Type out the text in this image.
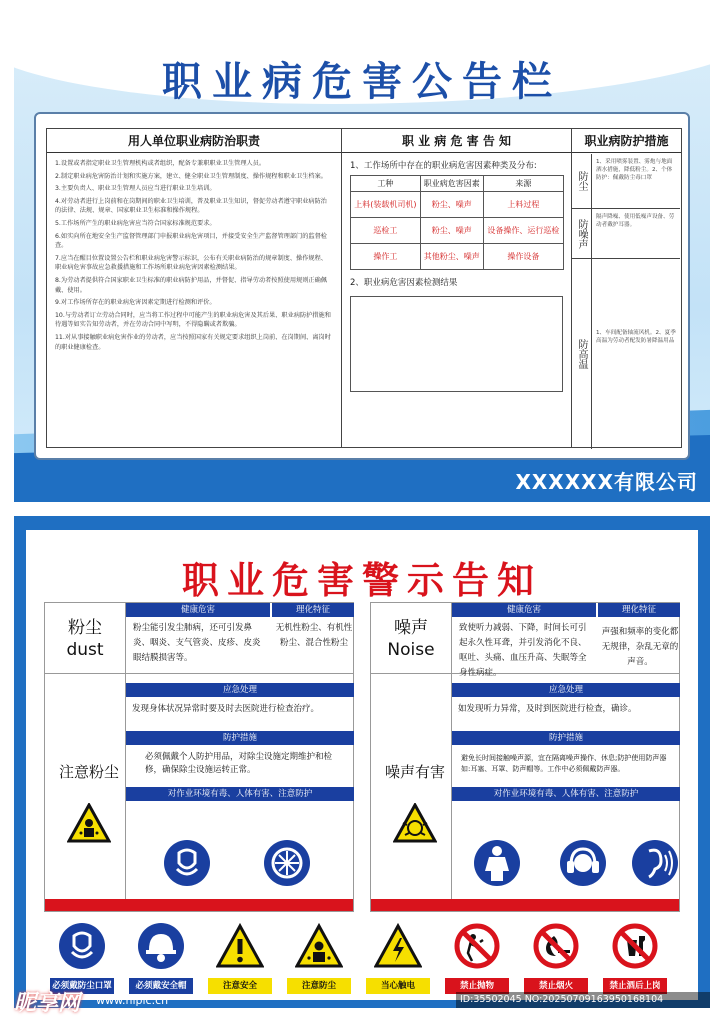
职业病危害公告栏
用人单位职业病防治职责
1.设置或者指定职业卫生管理机构或者组织，配备专兼职职业卫生管理人员。
2.制定职业病危害防治计划和实施方案，建立、健全职业卫生管理制度、操作规程和职业卫生档案。
3.主要负责人、职业卫生管理人员应当进行职业卫生培训。
4.对劳动者进行上岗前和在岗期间的职业卫生培训，普及职业卫生知识，督促劳动者遵守职业病防治的法律、法规、规章、国家职业卫生标准和操作规程。
5.工作场所产生的职业病危害应当符合国家标准规范要求。
6.如实向所在地安全生产监督管理部门申报职业病危害项目，并接受安全生产监督管理部门的监督检查。
7.应当在醒目位置设置公告栏和职业病危害警示标识，公布有关职业病防治的规章制度、操作规程、职业病危害事故应急救援措施和工作场所职业病危害因素检测结果。
8.为劳动者提供符合国家职业卫生标准的职业病防护用品，并督促、指导劳动者按照使用规则正确佩戴、使用。
9.对工作场所存在的职业病危害因素定期进行检测和评价。
10.与劳动者订立劳动合同时，应当将工作过程中可能产生的职业病危害及其后果、职业病防护措施和待遇等如实告知劳动者，并在劳动合同中写明，不得隐瞒或者欺骗。
11.对从事接触职业病危害作业的劳动者，应当按照国家有关规定要求组织上岗前、在岗期间、离岗时的职业健康检查。
职 业 病 危 害 告 知
1、工作场所中存在的职业病危害因素种类及分布:
工种	职业病危害因素	来源
上料(装载机司机)	粉尘、噪声	上料过程
巡检工	粉尘、噪声	设备操作、运行巡检
操作工	其他粉尘、噪声	操作设备
2、职业病危害因素检测结果
职业病防护措施
防尘
1、采用喷雾装置、雾炮与地面洒水措施，降低粉尘。2、个体防护：佩戴防尘毒口罩
防噪声
隔声降噪、使用低噪声设备、劳动者戴护耳器。
防高温
1、车间配备轴流风机。2、夏季高温为劳动者配发防暑降温用品
XXXXXX有限公司
职业危害警示告知
粉尘
dust
健康危害	理化特征
粉尘能引发尘肺病，还可引发鼻炎、咽炎、支气管炎、皮疹、皮炎眼结膜损害等。
无机性粉尘、有机性粉尘、混合性粉尘
应急处理
发现身体状况异常时要及时去医院进行检查治疗。
防护措施
必须佩戴个人防护用品，对除尘设施定期维护和检修，确保除尘设施运转正常。
对作业环境有毒、人体有害、注意防护
注意粉尘
噪声
Noise
健康危害	理化特征
致使听力减弱、下降，时间长可引起永久性耳聋，并引发消化不良、呕吐、头痛、血压升高、失眠等全身性病症。
声强和频率的变化都无规律，杂乱无章的声音。
应急处理
如发现听力异常，及时到医院进行检查，确诊。
防护措施
避免长时间接触噪声源，宜在隔离噪声操作、休息;防护使用防声器如:耳塞、耳罩、防声帽等。工作中必须佩戴防声器。
对作业环境有毒、人体有害、注意防护
噪声有害
必须戴防尘口罩	必须戴安全帽	注意安全	注意防尘	当心触电	禁止抛物	禁止烟火	禁止酒后上岗
昵享网 www.nipic.cn	ID:35502045 NO:20250709163950168104
